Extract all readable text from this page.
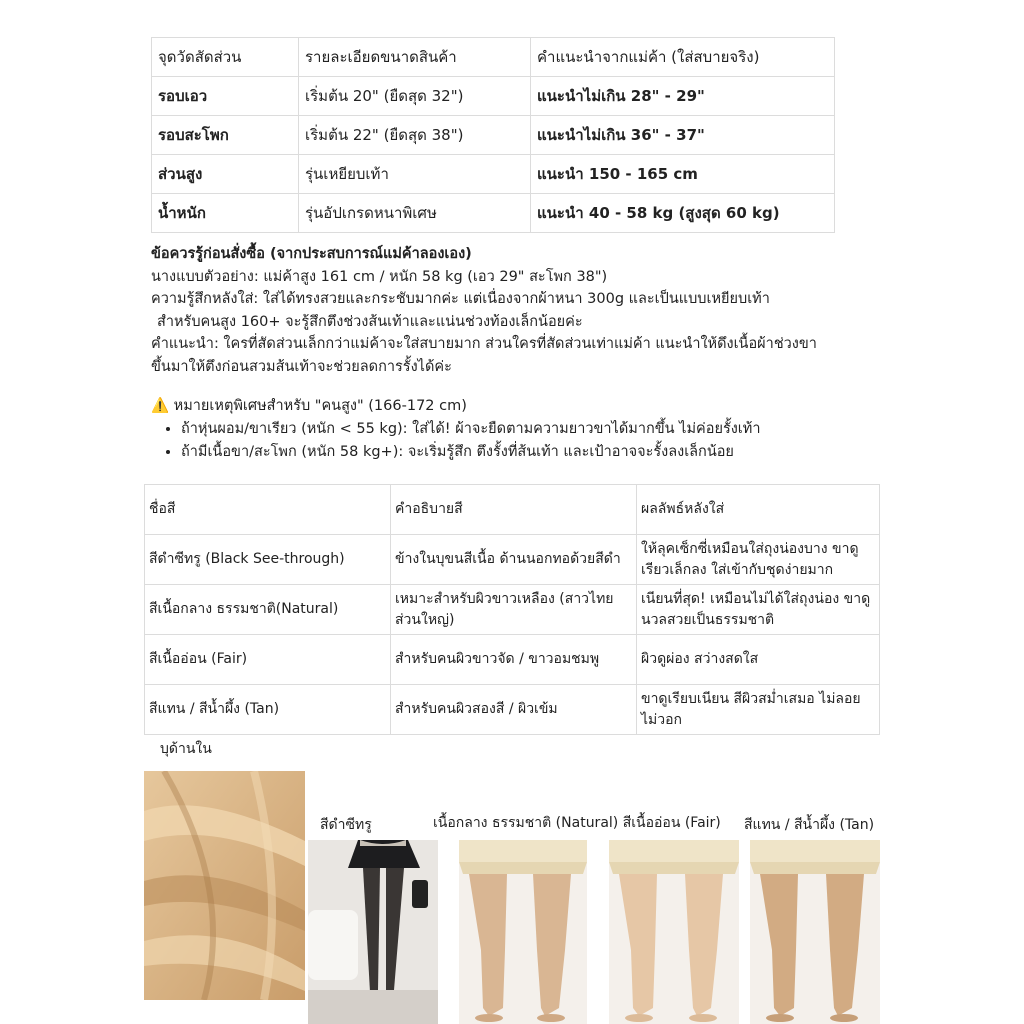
จุดวัดสัดส่วน	รายละเอียดขนาดสินค้า	คำแนะนำจากแม่ค้า (ใส่สบายจริง)
รอบเอว	เริ่มต้น 20" (ยืดสุด 32")	แนะนำไม่เกิน 28" - 29"
รอบสะโพก	เริ่มต้น 22" (ยืดสุด 38")	แนะนำไม่เกิน 36" - 37"
ส่วนสูง	รุ่นเหยียบเท้า	แนะนำ 150 - 165 cm
น้ำหนัก	รุ่นอัปเกรดหนาพิเศษ	แนะนำ 40 - 58 kg (สูงสุด 60 kg)
ข้อควรรู้ก่อนสั่งซื้อ (จากประสบการณ์แม่ค้าลองเอง)
นางแบบตัวอย่าง: แม่ค้าสูง 161 cm / หนัก 58 kg (เอว 29" สะโพก 38")
ความรู้สึกหลังใส่: ใส่ได้ทรงสวยและกระชับมากค่ะ แต่เนื่องจากผ้าหนา 300g และเป็นแบบเหยียบเท้า
สำหรับคนสูง 160+ จะรู้สึกตึงช่วงส้นเท้าและแน่นช่วงท้องเล็กน้อยค่ะ
คำแนะนำ: ใครที่สัดส่วนเล็กกว่าแม่ค้าจะใส่สบายมาก ส่วนใครที่สัดส่วนเท่าแม่ค้า แนะนำให้ดึงเนื้อผ้าช่วงขา
ขึ้นมาให้ตึงก่อนสวมส้นเท้าจะช่วยลดการรั้งได้ค่ะ
⚠️ หมายเหตุพิเศษสำหรับ "คนสูง" (166-172 cm)
• ถ้าหุ่นผอม/ขาเรียว (หนัก < 55 kg): ใส่ได้! ผ้าจะยืดตามความยาวขาได้มากขึ้น ไม่ค่อยรั้งเท้า
• ถ้ามีเนื้อขา/สะโพก (หนัก 58 kg+): จะเริ่มรู้สึก ตึงรั้งที่ส้นเท้า และเป้าอาจจะรั้งลงเล็กน้อย
ชื่อสี	คำอธิบายสี	ผลลัพธ์หลังใส่
สีดำซีทรู (Black See-through)	ข้างในบุขนสีเนื้อ ด้านนอกทอด้วยสีดำ	ให้ลุคเซ็กซี่เหมือนใส่ถุงน่องบาง ขาดูเรียวเล็กลง ใส่เข้ากับชุดง่ายมาก
สีเนื้อกลาง ธรรมชาติ(Natural)	เหมาะสำหรับผิวขาวเหลือง (สาวไทยส่วนใหญ่)	เนียนที่สุด! เหมือนไม่ได้ใส่ถุงน่อง ขาดูนวลสวยเป็นธรรมชาติ
สีเนื้ออ่อน (Fair)	สำหรับคนผิวขาวจัด / ขาวอมชมพู	ผิวดูผ่อง สว่างสดใส
สีแทน / สีน้ำผึ้ง (Tan)	สำหรับคนผิวสองสี / ผิวเข้ม	ขาดูเรียบเนียน สีผิวสม่ำเสมอ ไม่ลอยไม่วอก
บุด้านใน
สีดำซีทรู	เนื้อกลาง ธรรมชาติ (Natural) สีเนื้ออ่อน (Fair) สีแทน / สีน้ำผึ้ง (Tan)
